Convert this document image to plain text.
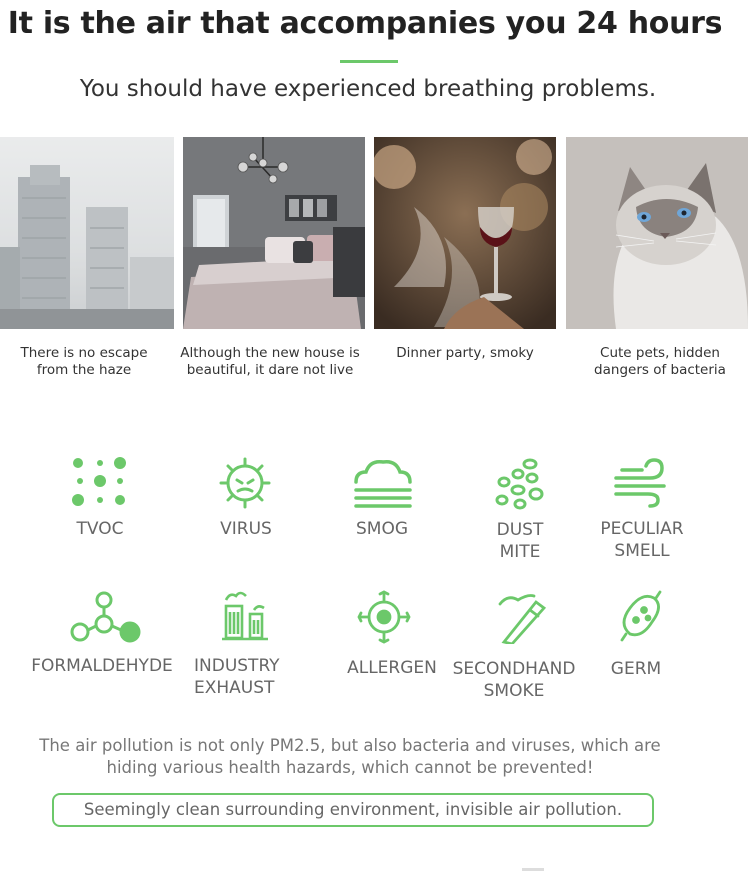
It is the air that accompanies you 24 hours
You should have experienced breathing problems.
There is no escape
from the haze
Although the new house is
beautiful, it dare not live
Dinner party, smoky	Cute pets, hidden
dangers of bacteria
TVOC	VIRUS	SMOG	DUST
MITE
PECULIAR
SMELL
FORMALDEHYDE	INDUSTRY
EXHAUST
ALLERGEN SECONDHAND
SMOKE
GERM
The air pollution is not only PM2.5, but also bacteria and viruses, which are
hiding various health hazards, which cannot be prevented!
Seemingly clean surrounding environment, invisible air pollution.
